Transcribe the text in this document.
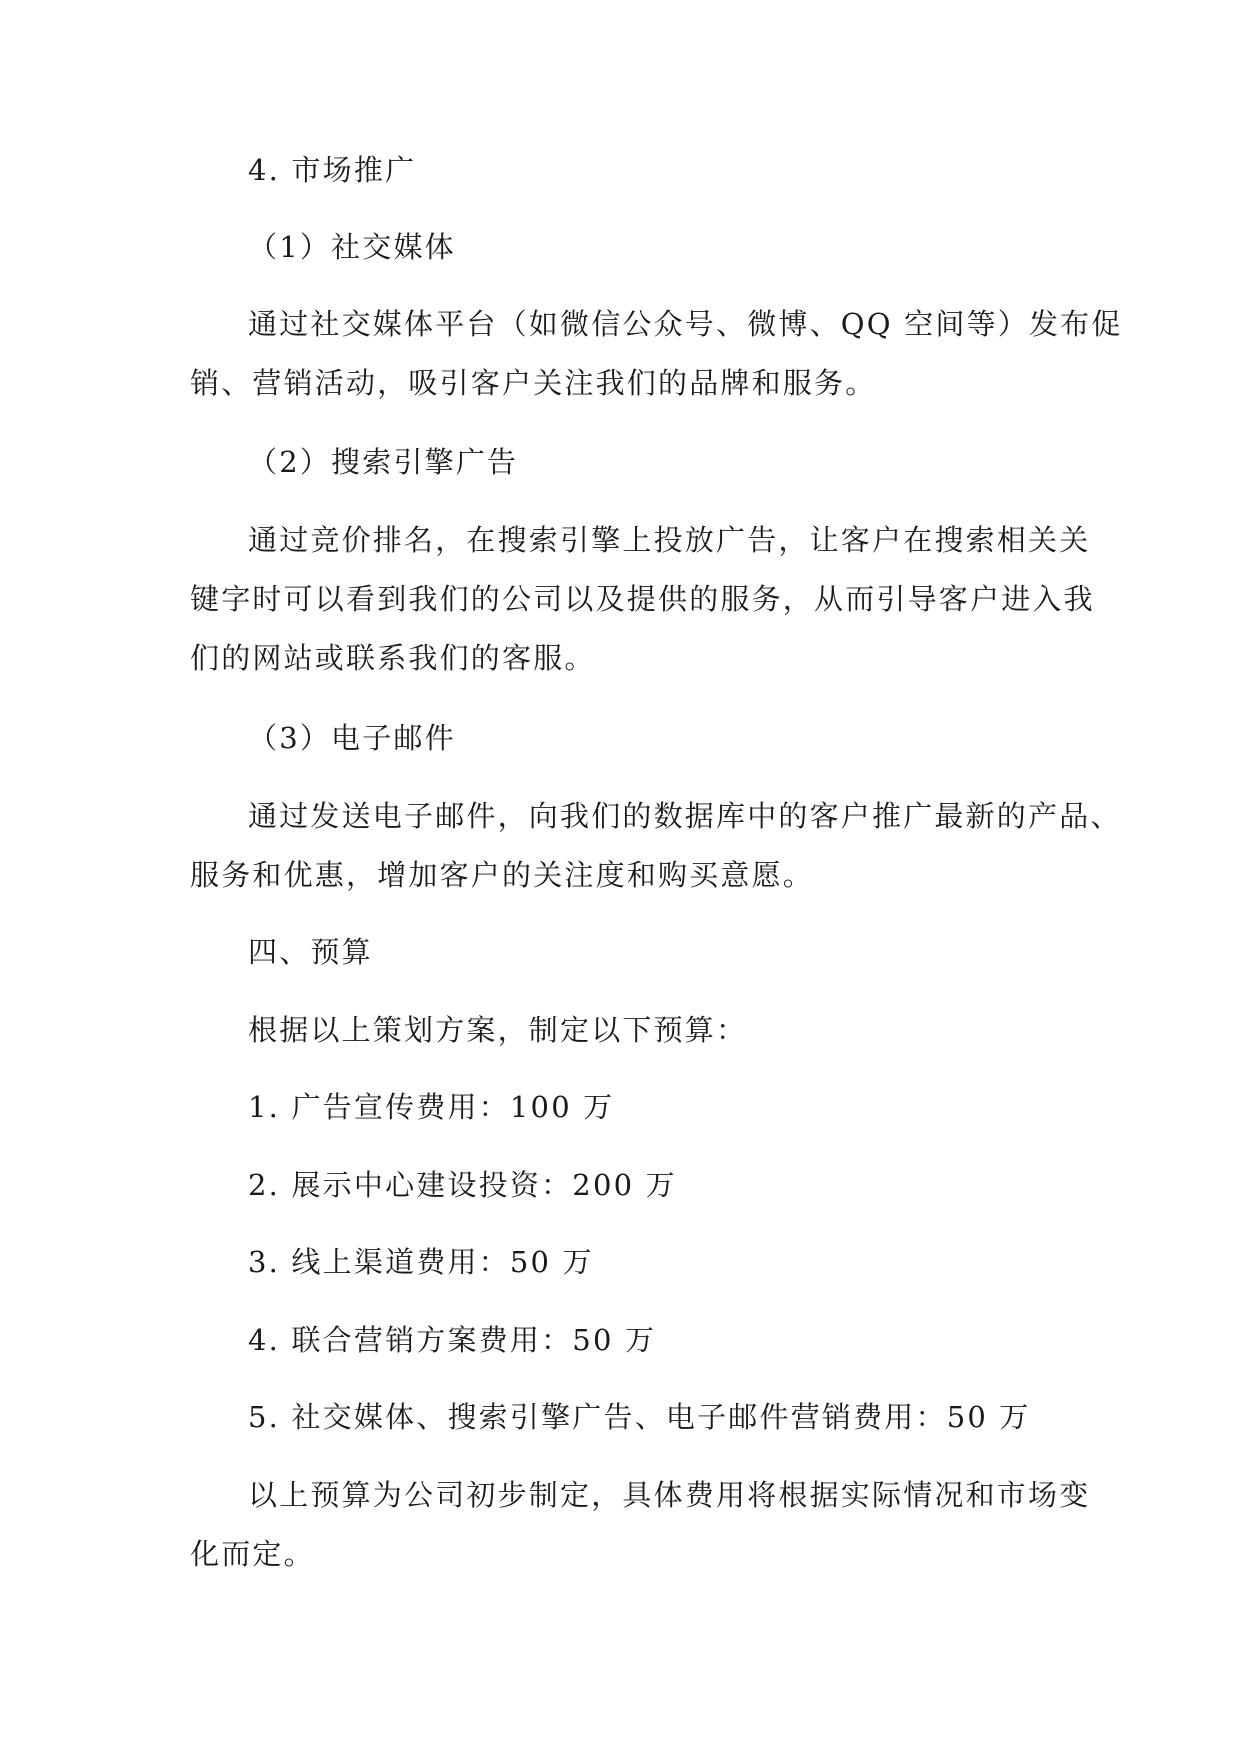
4. 市场推广
（1）社交媒体
通过社交媒体平台（如微信公众号、微博、QQ 空间等）发布促
销、营销活动，吸引客户关注我们的品牌和服务。
（2）搜索引擎广告
通过竞价排名，在搜索引擎上投放广告，让客户在搜索相关关
键字时可以看到我们的公司以及提供的服务，从而引导客户进入我
们的网站或联系我们的客服。
（3）电子邮件
通过发送电子邮件，向我们的数据库中的客户推广最新的产品、
服务和优惠，增加客户的关注度和购买意愿。
四、预算
根据以上策划方案，制定以下预算：
1. 广告宣传费用：100 万
2. 展示中心建设投资：200 万
3. 线上渠道费用：50 万
4. 联合营销方案费用：50 万
5. 社交媒体、搜索引擎广告、电子邮件营销费用：50 万
以上预算为公司初步制定，具体费用将根据实际情况和市场变
化而定。
